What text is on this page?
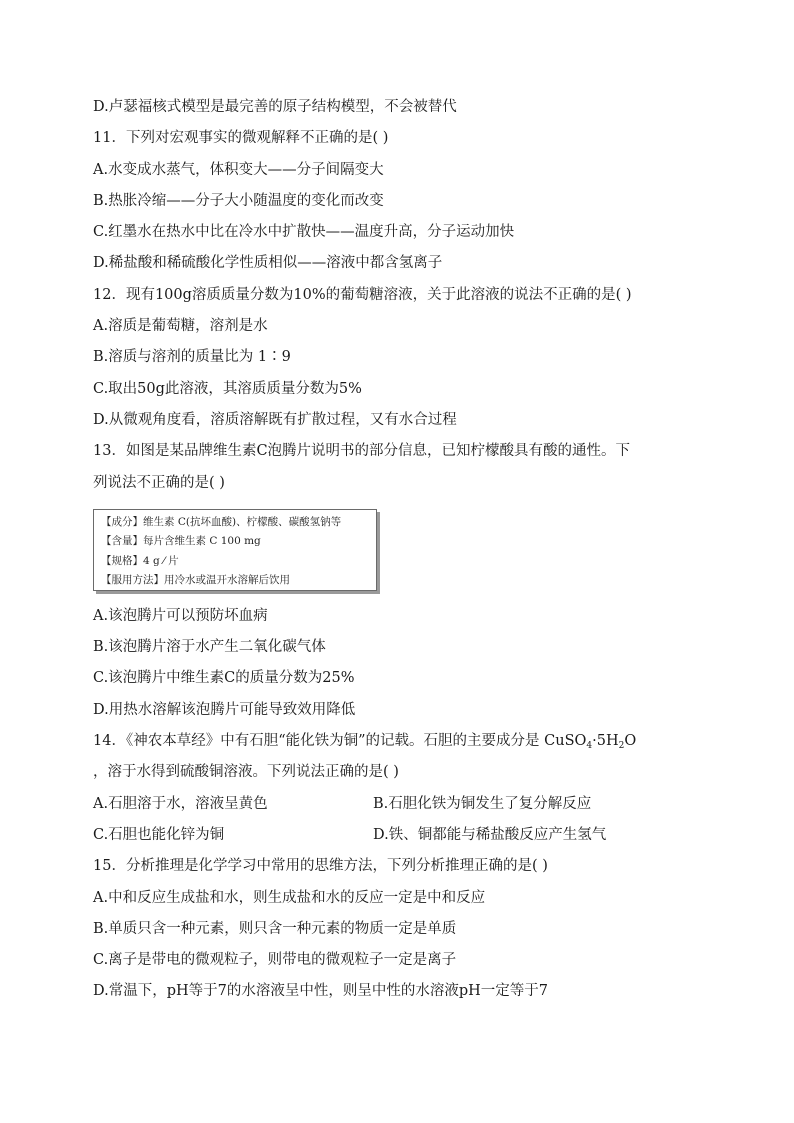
D.卢瑟福核式模型是最完善的原子结构模型，不会被替代
11．下列对宏观事实的微观解释不正确的是( )
A.水变成水蒸气，体积变大——分子间隔变大
B.热胀冷缩——分子大小随温度的变化而改变
C.红墨水在热水中比在冷水中扩散快——温度升高，分子运动加快
D.稀盐酸和稀硫酸化学性质相似——溶液中都含氢离子
12．现有100g溶质质量分数为10%的葡萄糖溶液，关于此溶液的说法不正确的是( )
A.溶质是葡萄糖，溶剂是水
B.溶质与溶剂的质量比为 1∶9
C.取出50g此溶液，其溶质质量分数为5%
D.从微观角度看，溶质溶解既有扩散过程，又有水合过程
13．如图是某品牌维生素C泡腾片说明书的部分信息，已知柠檬酸具有酸的通性。下
列说法不正确的是( )
【成分】维生素 C(抗坏血酸)、柠檬酸、碳酸氢钠等
【含量】每片含维生素 C 100 mg
【规格】4 g ⁄ 片
【服用方法】用冷水或温开水溶解后饮用
A.该泡腾片可以预防坏血病
B.该泡腾片溶于水产生二氧化碳气体
C.该泡腾片中维生素C的质量分数为25%
D.用热水溶解该泡腾片可能导致效用降低
14．《神农本草经》中有石胆“能化铁为铜”的记载。石胆的主要成分是 $CuSO_4\cdot 5H_2O$
，溶于水得到硫酸铜溶液。下列说法正确的是( )
A.石胆溶于水，溶液呈黄色	B.石胆化铁为铜发生了复分解反应
C.石胆也能化锌为铜	D.铁、铜都能与稀盐酸反应产生氢气
15．分析推理是化学学习中常用的思维方法，下列分析推理正确的是( )
A.中和反应生成盐和水，则生成盐和水的反应一定是中和反应
B.单质只含一种元素，则只含一种元素的物质一定是单质
C.离子是带电的微观粒子，则带电的微观粒子一定是离子
D.常温下，pH等于7的水溶液呈中性，则呈中性的水溶液pH一定等于7
